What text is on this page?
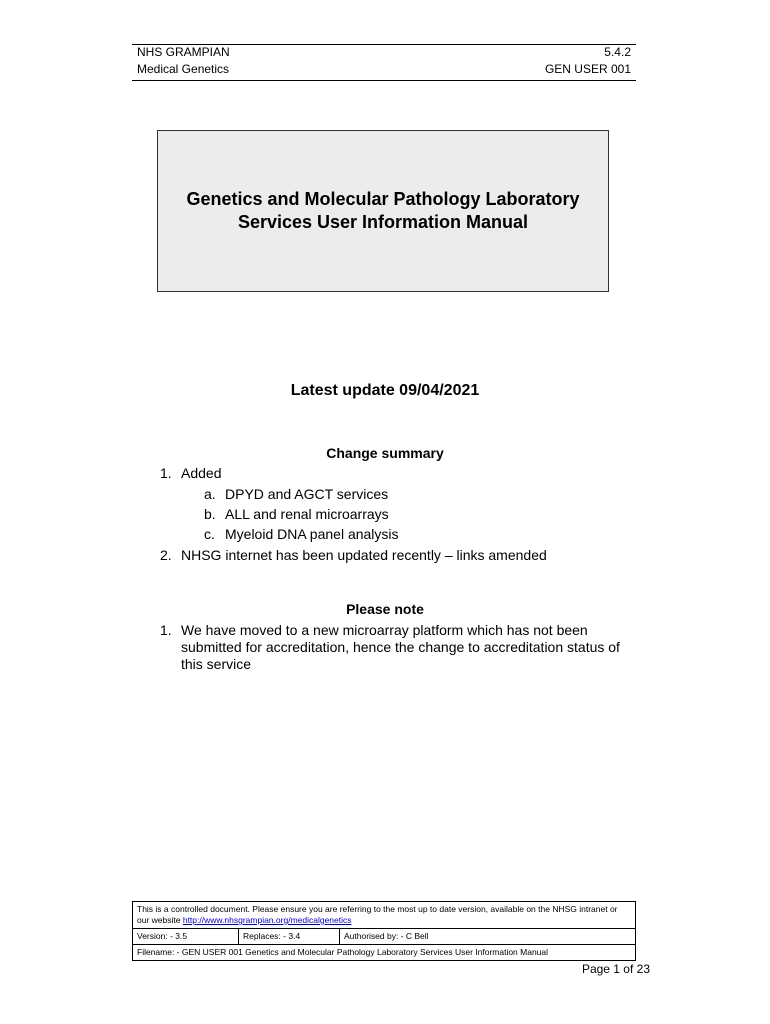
NHS GRAMPIAN	5.4.2
Medical Genetics	GEN USER 001
Genetics and Molecular Pathology Laboratory Services User Information Manual
Latest update 09/04/2021
Change summary
1. Added
a. DPYD and AGCT services
b. ALL and renal microarrays
c. Myeloid DNA panel analysis
2. NHSG internet has been updated recently – links amended
Please note
1. We have moved to a new microarray platform which has not been submitted for accreditation, hence the change to accreditation status of this service
This is a controlled document. Please ensure you are referring to the most up to date version, available on the NHSG intranet or our website http://www.nhsgrampian.org/medicalgenetics
Version: - 3.5	Replaces: - 3.4	Authorised by: - C Bell
Filename: - GEN USER 001 Genetics and Molecular Pathology Laboratory Services User Information Manual
Page 1 of 23
